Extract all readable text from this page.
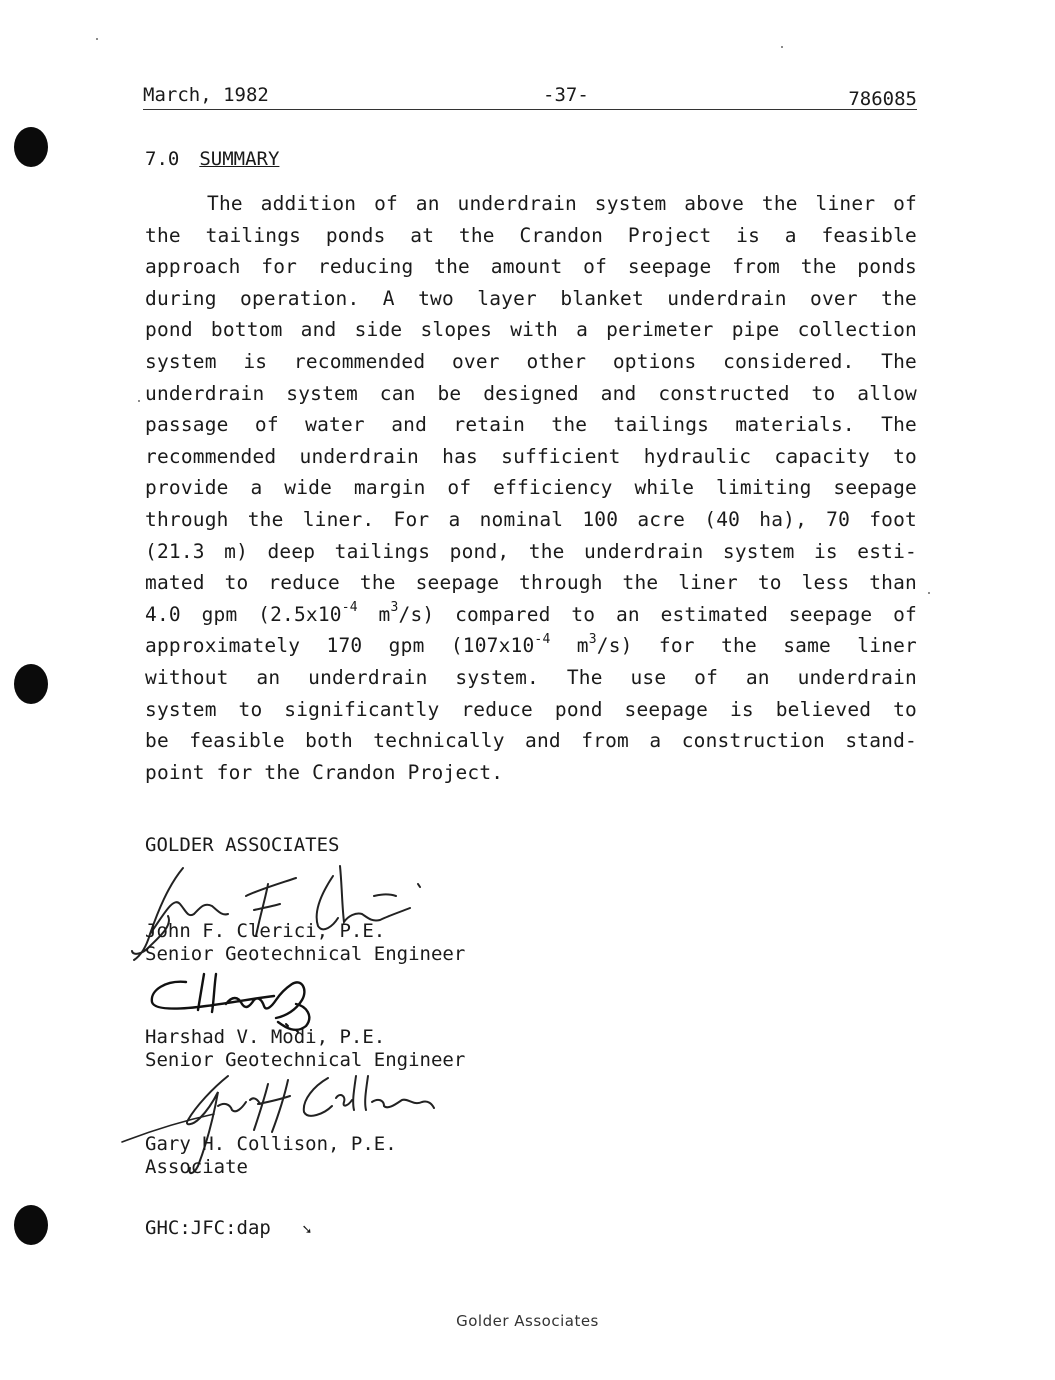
March, 1982	-37-	786085
7.0 SUMMARY
The addition of an underdrain system above the liner of
the tailings ponds at the Crandon Project is a feasible
approach for reducing the amount of seepage from the ponds
during operation. A two layer blanket underdrain over the
pond bottom and side slopes with a perimeter pipe collection
system is recommended over other options considered. The
underdrain system can be designed and constructed to allow
passage of water and retain the tailings materials. The
recommended underdrain has sufficient hydraulic capacity to
provide a wide margin of efficiency while limiting seepage
through the liner. For a nominal 100 acre (40 ha), 70 foot
(21.3 m) deep tailings pond, the underdrain system is esti-
mated to reduce the seepage through the liner to less than
4.0 gpm ($2.5x10^{-4}$ $m^3/s$) compared to an estimated seepage of
approximately 170 gpm ($107x10^{-4}$ $m^3/s$) for the same liner
without an underdrain system. The use of an underdrain
system to significantly reduce pond seepage is believed to
be feasible both technically and from a construction stand-
point for the Crandon Project.
GOLDER ASSOCIATES
John F. Clerici, P.E.
Senior Geotechnical Engineer
Harshad V. Modi, P.E.
Senior Geotechnical Engineer
Gary H. Collison, P.E.
Associate
GHC:JFC:dap ➘
Golder Associates
